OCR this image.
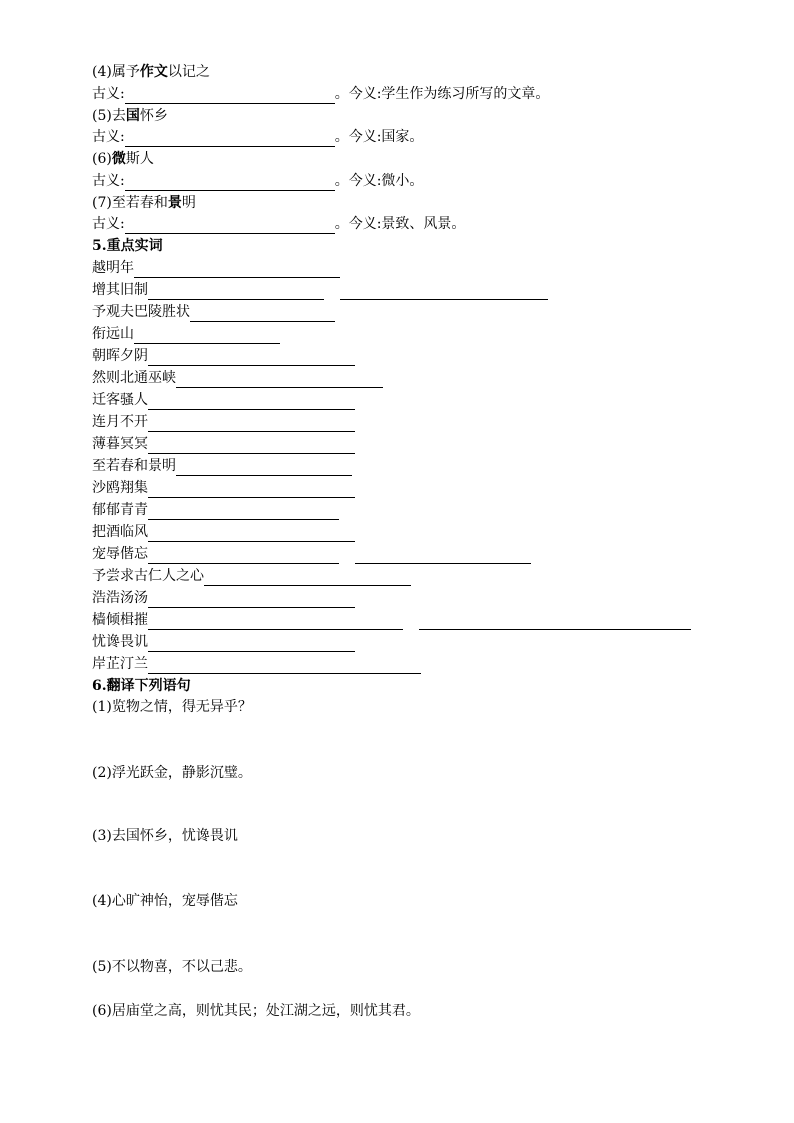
(4)属予作文以记之
古义:	。今义:学生作为练习所写的文章。
(5)去国怀乡
古义:	。今义:国家。
(6)微斯人
古义:	。今义:微小。
(7)至若春和景明
古义:	。今义:景致、风景。
5.重点实词
越明年
增其旧制
予观夫巴陵胜状
衔远山
朝晖夕阴
然则北通巫峡
迁客骚人
连月不开
薄暮冥冥
至若春和景明
沙鸥翔集
郁郁青青
把酒临风
宠辱偕忘
予尝求古仁人之心
浩浩汤汤
樯倾楫摧
忧谗畏讥
岸芷汀兰
6.翻译下列语句
(1)览物之情，得无异乎？
(2)浮光跃金，静影沉璧。
(3)去国怀乡，忧谗畏讥
(4)心旷神怡，宠辱偕忘
(5)不以物喜，不以己悲。
(6)居庙堂之高，则忧其民；处江湖之远，则忧其君。
